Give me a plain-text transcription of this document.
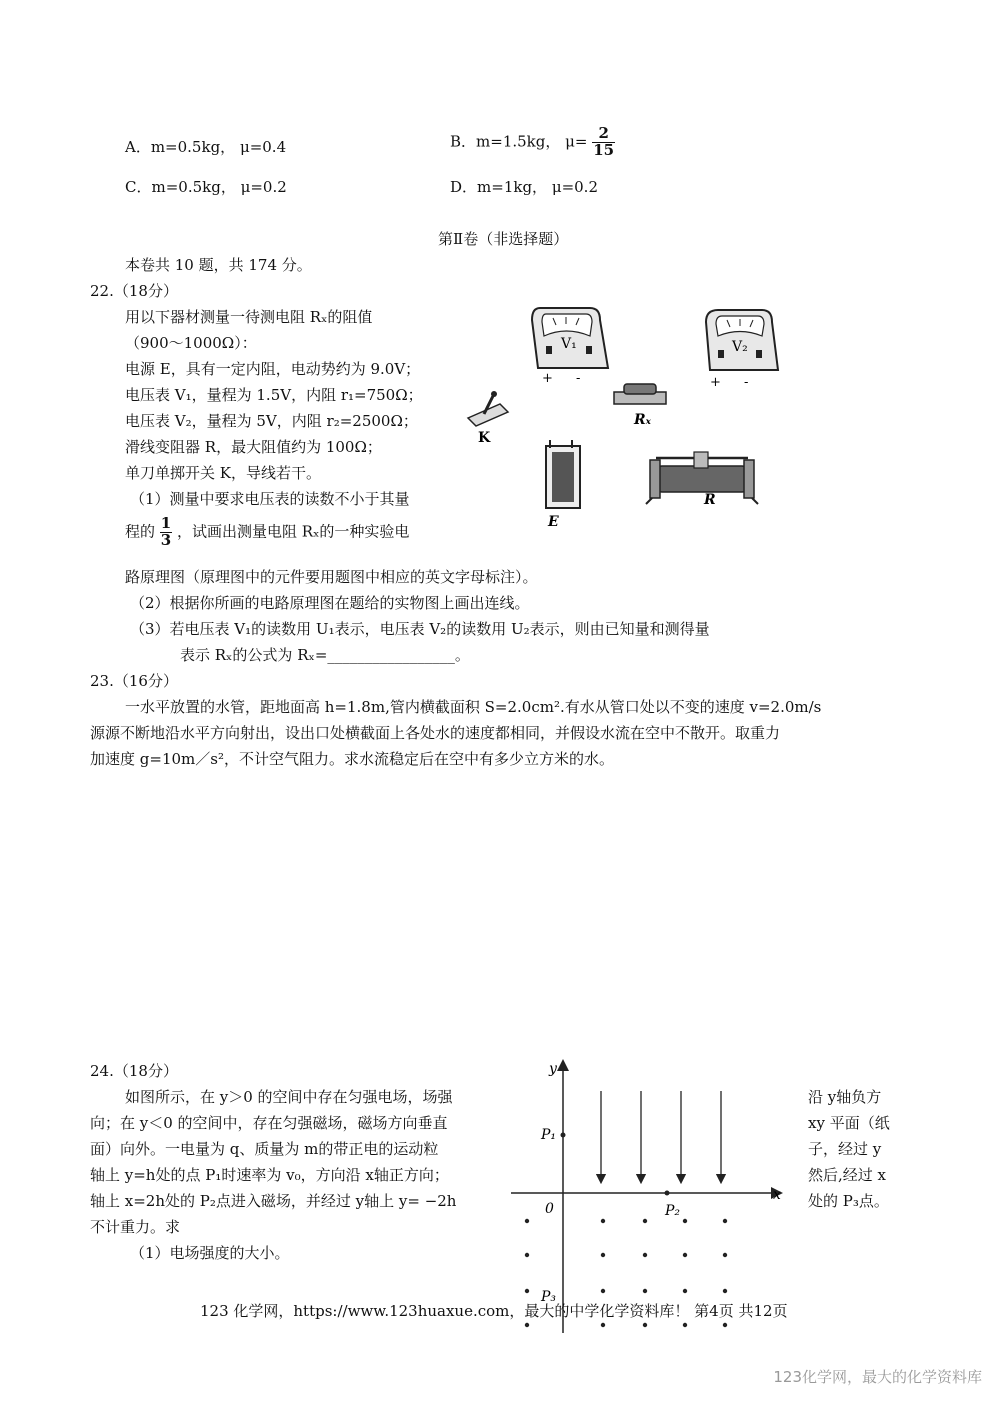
A．m=0.5kg， μ=0.4	B．m=1.5kg， $\mu= \frac{2}{15}$
C．m=0.5kg， μ=0.2	D．m=1kg， μ=0.2
第Ⅱ卷（非选择题）
本卷共 10 题，共 174 分。
22.（18分）
用以下器材测量一待测电阻 Rₓ的阻值
（900～1000Ω）：
电源 E，具有一定内阻，电动势约为 9.0V；
电压表 V₁，量程为 1.5V，内阻 r₁=750Ω；
电压表 V₂，量程为 5V，内阻 r₂=2500Ω；
滑线变阻器 R，最大阻值约为 100Ω；
单刀单掷开关 K，导线若干。
（1）测量中要求电压表的读数不小于其量
程的 $\frac{1}{3}$ ，试画出测量电阻 Rₓ的一种实验电
路原理图（原理图中的元件要用题图中相应的英文字母标注）。
（2）根据你所画的电路原理图在题给的实物图上画出连线。
（3）若电压表 V₁的读数用 U₁表示，电压表 V₂的读数用 U₂表示，则由已知量和测得量
表示 Rₓ的公式为 Rₓ=_________________。
V₁
+ -
V₂
+ -
K
Rₓ
E
R
23.（16分）
一水平放置的水管，距地面高 h=1.8m,管内横截面积 S=2.0cm².有水从管口处以不变的速度 v=2.0m/s
源源不断地沿水平方向射出，设出口处横截面上各处水的速度都相同，并假设水流在空中不散开。取重力
加速度 g=10m／s²，不计空气阻力。求水流稳定后在空中有多少立方米的水。
24.（18分）
如图所示，在 y＞0 的空间中存在匀强电场，场强
向；在 y＜0 的空间中，存在匀强磁场，磁场方向垂直
面）向外。一电量为 q、质量为 m的带正电的运动粒
轴上 y=h处的点 P₁时速率为 v₀，方向沿 x轴正方向；
轴上 x=2h处的 P₂点进入磁场，并经过 y轴上 y= −2h
不计重力。求
（1）电场强度的大小。
沿 y轴负方
xy 平面（纸
子，经过 y
然后,经过 x
处的 P₃点。
y
x
0
P₁
P₂
P₃
123 化学网，https://www.123huaxue.com，最大的中学化学资料库！ 第4页 共12页
123化学网，最大的化学资料库
